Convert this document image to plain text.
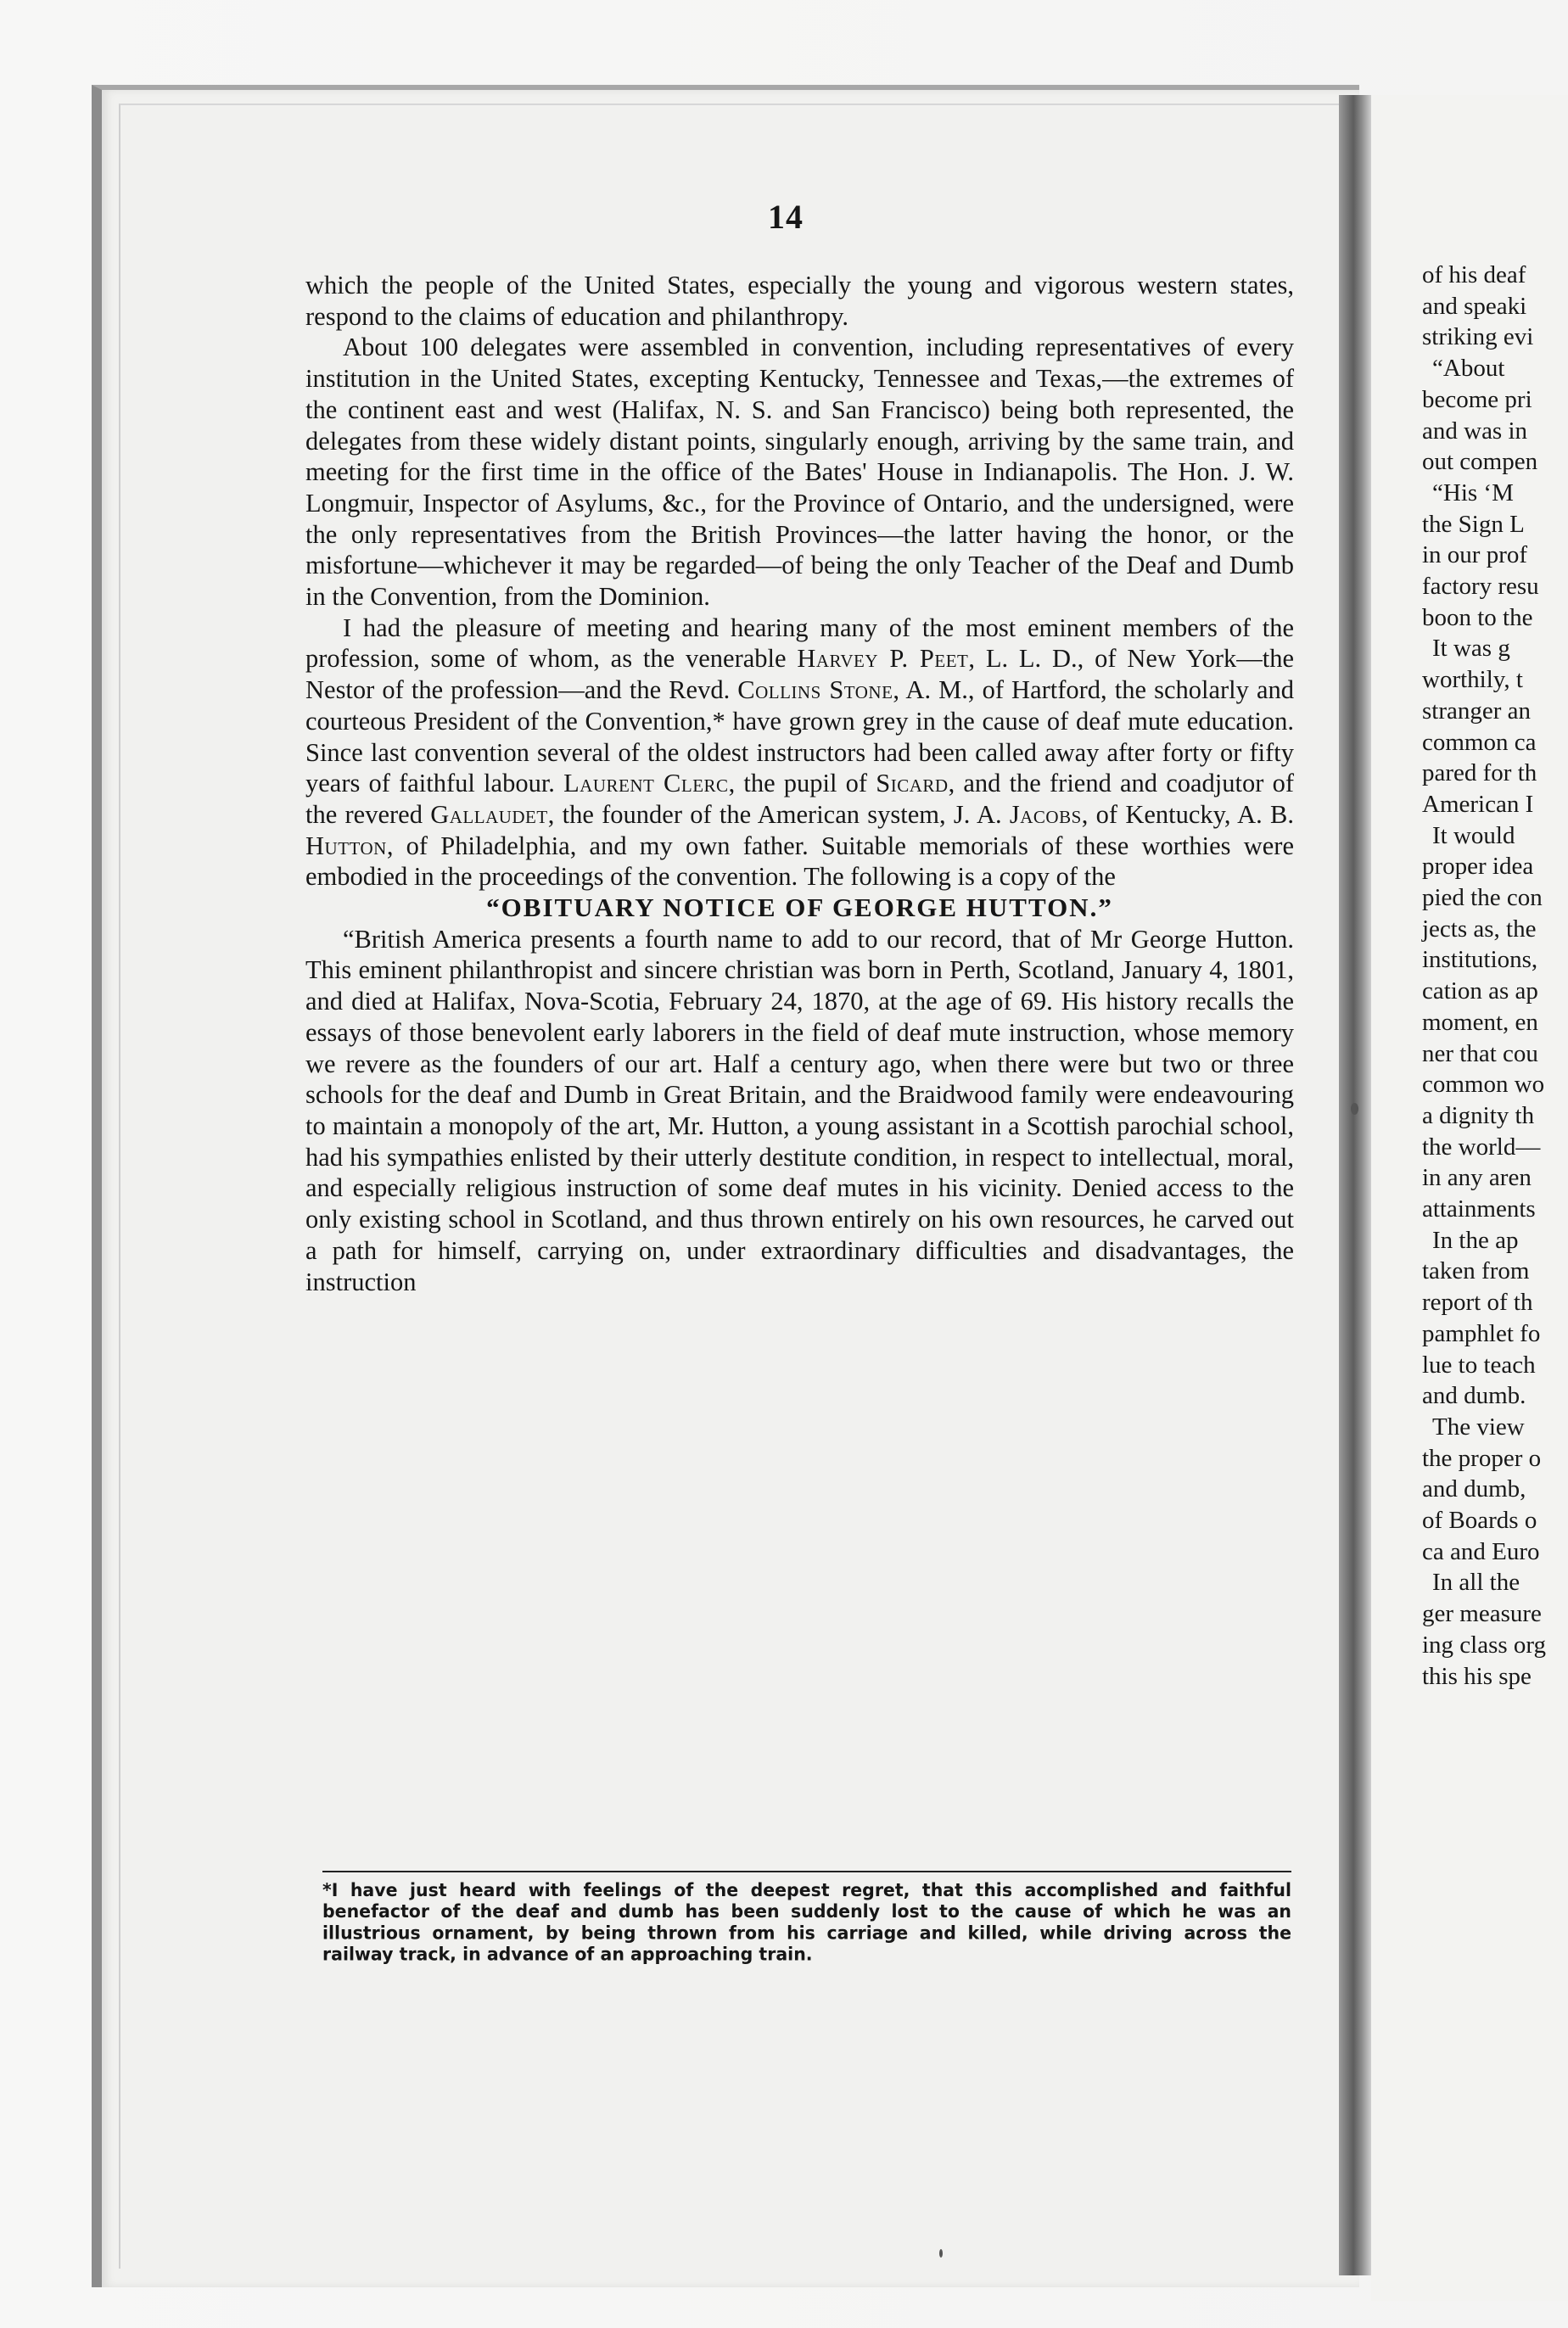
of his deaf
and speaki
striking evi
“About
become pri
and was in
out compen
“His ‘M
the Sign L
in our prof
factory resu
boon to the
It was g
worthily, t
stranger an
common ca
pared for th
American I
It would
proper idea
pied the con
jects as, the
institutions,
cation as ap
moment, en
ner that cou
common wo
a dignity th
the world—
in any aren
attainments
In the ap
taken from
report of th
pamphlet fo
lue to teach
and dumb.
The view
the proper o
and dumb,
of Boards o
ca and Euro
In all the
ger measure
ing class org
this his spe
14

which the people of the United States, especially the young and vigorous western states, respond to the claims of education and philanthropy.

About 100 delegates were assembled in convention, including representatives of every institution in the United States, excepting Kentucky, Tennessee and Texas,—the extremes of the continent east and west (Halifax, N. S. and San Francisco) being both represented, the delegates from these widely distant points, singularly enough, arriving by the same train, and meeting for the first time in the office of the Bates' House in Indianapolis. The Hon. J. W. Longmuir, Inspector of Asylums, &c., for the Province of Ontario, and the undersigned, were the only representatives from the British Provinces—the latter having the honor, or the misfortune—whichever it may be regarded—of being the only Teacher of the Deaf and Dumb in the Convention, from the Dominion.

I had the pleasure of meeting and hearing many of the most eminent members of the profession, some of whom, as the venerable Harvey P. Peet, L. L. D., of New York—the Nestor of the profession—and the Revd. Collins Stone, A. M., of Hartford, the scholarly and courteous President of the Convention,* have grown grey in the cause of deaf mute education. Since last convention several of the oldest instructors had been called away after forty or fifty years of faithful labour. Laurent Clerc, the pupil of Sicard, and the friend and coadjutor of the revered Gallaudet, the founder of the American system, J. A. Jacobs, of Kentucky, A. B. Hutton, of Philadelphia, and my own father. Suitable memorials of these worthies were embodied in the proceedings of the convention. The following is a copy of the

“OBITUARY NOTICE OF GEORGE HUTTON.”

“British America presents a fourth name to add to our record, that of Mr George Hutton. This eminent philanthropist and sincere christian was born in Perth, Scotland, January 4, 1801, and died at Halifax, Nova-Scotia, February 24, 1870, at the age of 69. His history recalls the essays of those benevolent early laborers in the field of deaf mute instruction, whose memory we revere as the founders of our art. Half a century ago, when there were but two or three schools for the deaf and Dumb in Great Britain, and the Braidwood family were endeavouring to maintain a monopoly of the art, Mr. Hutton, a young assistant in a Scottish parochial school, had his sympathies enlisted by their utterly destitute condition, in respect to intellectual, moral, and especially religious instruction of some deaf mutes in his vicinity. Denied access to the only existing school in Scotland, and thus thrown entirely on his own resources, he carved out a path for himself, carrying on, under extraordinary difficulties and disadvantages, the instruction

*I have just heard with feelings of the deepest regret, that this accomplished and faithful benefactor of the deaf and dumb has been suddenly lost to the cause of which he was an illustrious ornament, by being thrown from his carriage and killed, while driving across the railway track, in advance of an approaching train.
